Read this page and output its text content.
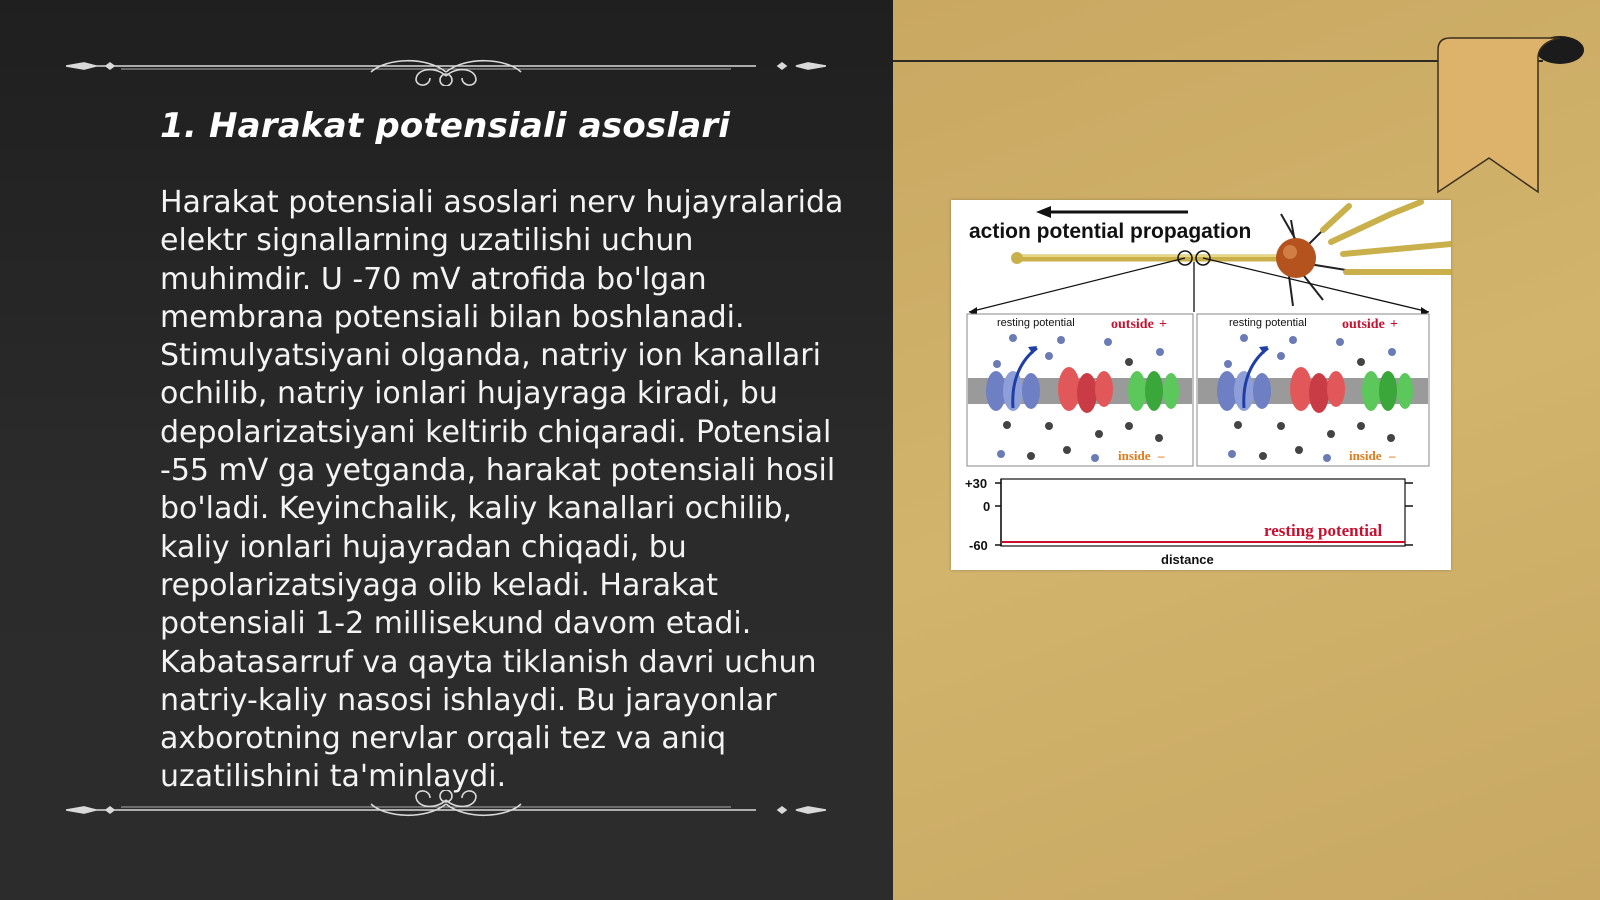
1. Harakat potensiali asoslari

Harakat potensiali asoslari nerv hujayralarida elektr signallarning uzatilishi uchun muhimdir. U -70 mV atrofida bo'lgan membrana potensiali bilan boshlanadi. Stimulyatsiyani olganda, natriy ion kanallari ochilib, natriy ionlari hujayraga kiradi, bu depolarizatsiyani keltirib chiqaradi. Potensial -55 mV ga yetganda, harakat potensiali hosil bo'ladi. Keyinchalik, kaliy kanallari ochilib, kaliy ionlari hujayradan chiqadi, bu repolarizatsiyaga olib keladi. Harakat potensiali 1-2 millisekund davom etadi. Kabatasarruf va qayta tiklanish davri uchun natriy-kaliy nasosi ishlaydi. Bu jarayonlar axborotning nervlar orqali tez va aniq uzatilishini ta'minlaydi.

action potential propagation
resting potential	outside +
inside –
resting potential	outside +
inside –
+30
0
-60
resting potential
distance
